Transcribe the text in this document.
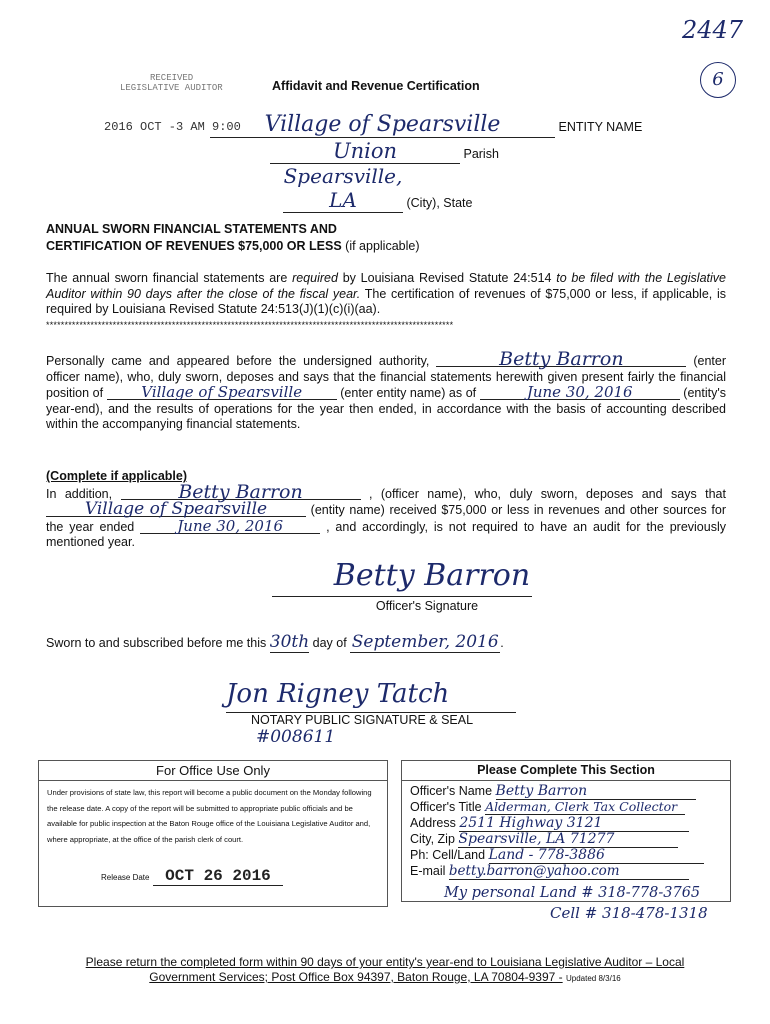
2447
6
RECEIVED
LEGISLATIVE AUDITOR
2016 OCT -3 AM 9:00
Affidavit and Revenue Certification
Village of Spearsville	ENTITY NAME
Union	Parish
Spearsville, LA	(City), State
ANNUAL SWORN FINANCIAL STATEMENTS AND
CERTIFICATION OF REVENUES $75,000 OR LESS (if applicable)
The annual sworn financial statements are required by Louisiana Revised Statute 24:514 to be filed with the Legislative Auditor within 90 days after the close of the fiscal year. The certification of revenues of $75,000 or less, if applicable, is required by Louisiana Revised Statute 24:513(J)(1)(c)(i)(aa).
**************************************************************************************************************
Personally came and appeared before the undersigned authority,	Betty Barron	(enter officer name), who, duly sworn, deposes and says that the financial statements herewith given present fairly the financial position of	Village of Spearsville	(enter entity name) as of	June 30, 2016	(entity's year-end), and the results of operations for the year then ended, in accordance with the basis of accounting described within the accompanying financial statements.
(Complete if applicable)
In addition,	Betty Barron	, (officer name), who, duly sworn, deposes and says that Village of Spearsville	(entity name) received $75,000 or less in revenues and other sources for the year ended	June 30, 2016	, and accordingly, is not required to have an audit for the previously mentioned year.
Betty Barron
Officer's Signature
Sworn to and subscribed before me this 30th day of September, 2016 .
Jon Rigney Tatch
NOTARY PUBLIC SIGNATURE & SEAL
#008611
For Office Use Only
Under provisions of state law, this report will become a public document on the Monday following the release date. A copy of the report will be submitted to appropriate public officials and be available for public inspection at the Baton Rouge office of the Louisiana Legislative Auditor and, where appropriate, at the office of the parish clerk of court.
Release Date OCT 26 2016
Please Complete This Section
Officer's Name Betty Barron
Officer's Title Alderman, Clerk Tax Collector
Address 2511 Highway 3121
City, Zip Spearsville, LA 71277
Ph: Cell/Land Land - 778-3886
E-mail betty.barron@yahoo.com
My personal Land # 318-778-3765
Cell # 318-478-1318
Please return the completed form within 90 days of your entity's year-end to Louisiana Legislative Auditor – Local
Government Services; Post Office Box 94397, Baton Rouge, LA 70804-9397 - Updated 8/3/16
